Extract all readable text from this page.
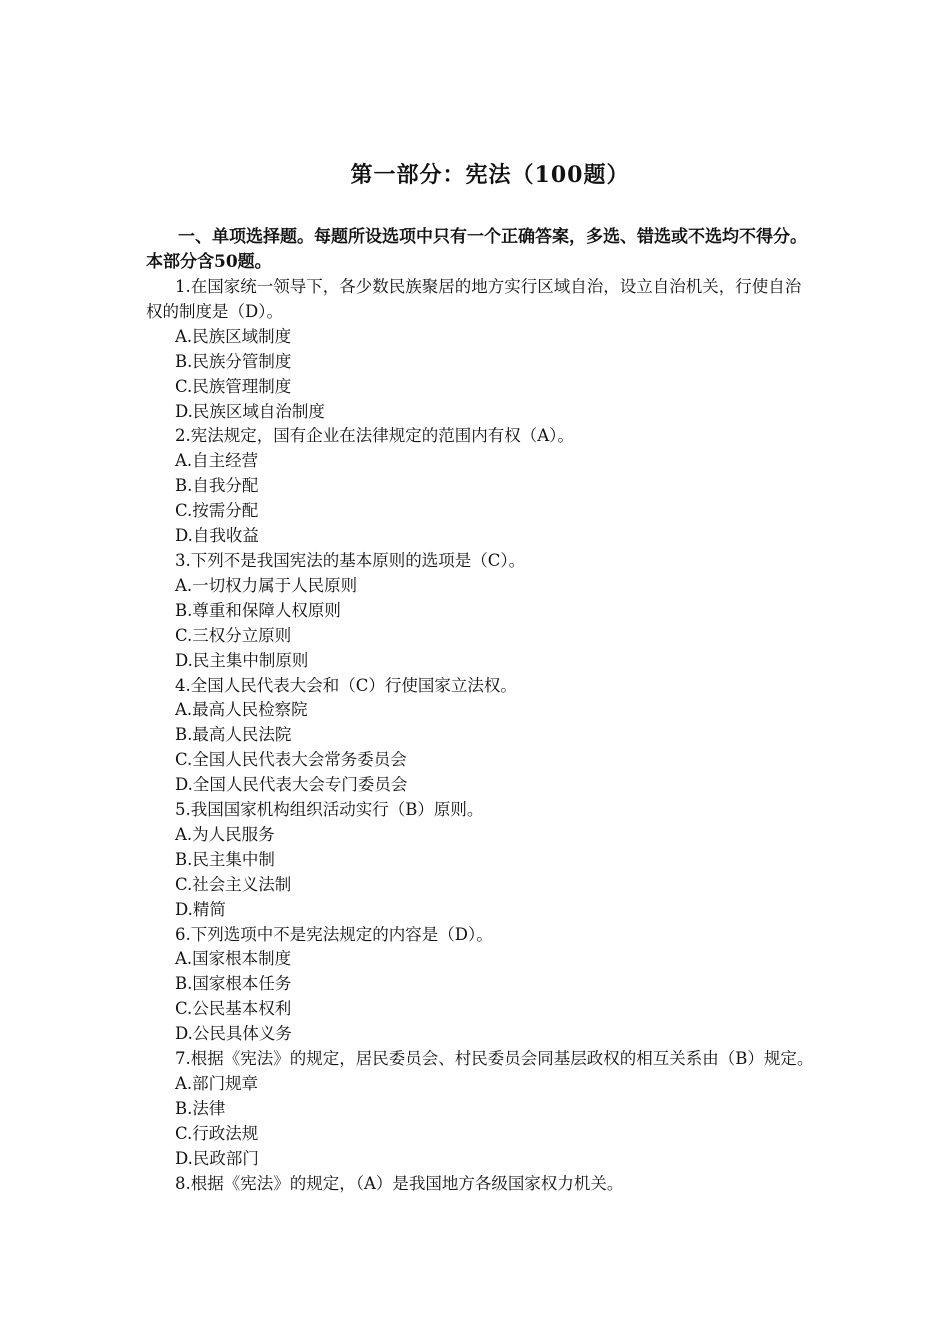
第一部分：宪法（100题）

一、单项选择题。每题所设选项中只有一个正确答案，多选、错选或不选均不得分。本部分含50题。

1.在国家统一领导下，各少数民族聚居的地方实行区域自治，设立自治机关，行使自治权的制度是（D）。

A.民族区域制度

B.民族分管制度

C.民族管理制度

D.民族区域自治制度

2.宪法规定，国有企业在法律规定的范围内有权（A）。

A.自主经营

B.自我分配

C.按需分配

D.自我收益

3.下列不是我国宪法的基本原则的选项是（C）。

A.一切权力属于人民原则

B.尊重和保障人权原则

C.三权分立原则

D.民主集中制原则

4.全国人民代表大会和（C）行使国家立法权。

A.最高人民检察院

B.最高人民法院

C.全国人民代表大会常务委员会

D.全国人民代表大会专门委员会

5.我国国家机构组织活动实行（B）原则。

A.为人民服务

B.民主集中制

C.社会主义法制

D.精简

6.下列选项中不是宪法规定的内容是（D）。

A.国家根本制度

B.国家根本任务

C.公民基本权利

D.公民具体义务

7.根据《宪法》的规定，居民委员会、村民委员会同基层政权的相互关系由（B）规定。

A.部门规章

B.法律

C.行政法规

D.民政部门

8.根据《宪法》的规定，（A）是我国地方各级国家权力机关。
